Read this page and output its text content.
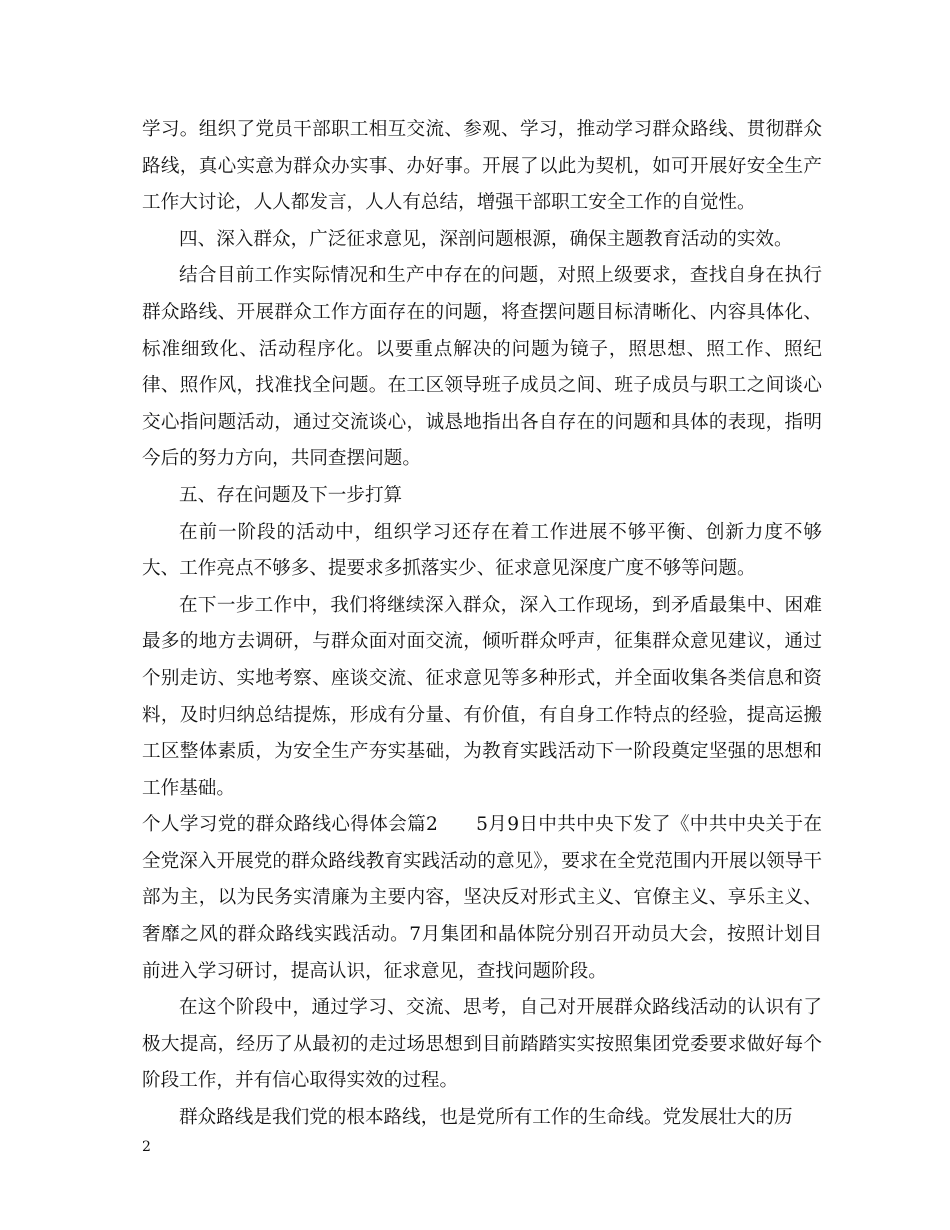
学习。组织了党员干部职工相互交流、参观、学习，推动学习群众路线、贯彻群众路线，真心实意为群众办实事、办好事。开展了以此为契机，如可开展好安全生产工作大讨论，人人都发言，人人有总结，增强干部职工安全工作的自觉性。

四、深入群众，广泛征求意见，深剖问题根源，确保主题教育活动的实效。

结合目前工作实际情况和生产中存在的问题，对照上级要求，查找自身在执行群众路线、开展群众工作方面存在的问题，将查摆问题目标清晰化、内容具体化、标准细致化、活动程序化。以要重点解决的问题为镜子，照思想、照工作、照纪律、照作风，找准找全问题。在工区领导班子成员之间、班子成员与职工之间谈心交心指问题活动，通过交流谈心，诚恳地指出各自存在的问题和具体的表现，指明今后的努力方向，共同查摆问题。

五、存在问题及下一步打算

在前一阶段的活动中，组织学习还存在着工作进展不够平衡、创新力度不够大、工作亮点不够多、提要求多抓落实少、征求意见深度广度不够等问题。

在下一步工作中，我们将继续深入群众，深入工作现场，到矛盾最集中、困难最多的地方去调研，与群众面对面交流，倾听群众呼声，征集群众意见建议，通过个别走访、实地考察、座谈交流、征求意见等多种形式，并全面收集各类信息和资料，及时归纳总结提炼，形成有分量、有价值，有自身工作特点的经验，提高运搬工区整体素质，为安全生产夯实基础，为教育实践活动下一阶段奠定坚强的思想和工作基础。

个人学习党的群众路线心得体会篇2　　5月9日中共中央下发了《中共中央关于在全党深入开展党的群众路线教育实践活动的意见》，要求在全党范围内开展以领导干部为主，以为民务实清廉为主要内容，坚决反对形式主义、官僚主义、享乐主义、奢靡之风的群众路线实践活动。7月集团和晶体院分别召开动员大会，按照计划目前进入学习研讨，提高认识，征求意见，查找问题阶段。

在这个阶段中，通过学习、交流、思考，自己对开展群众路线活动的认识有了极大提高，经历了从最初的走过场思想到目前踏踏实实按照集团党委要求做好每个阶段工作，并有信心取得实效的过程。

群众路线是我们党的根本路线，也是党所有工作的生命线。党发展壮大的历

2
